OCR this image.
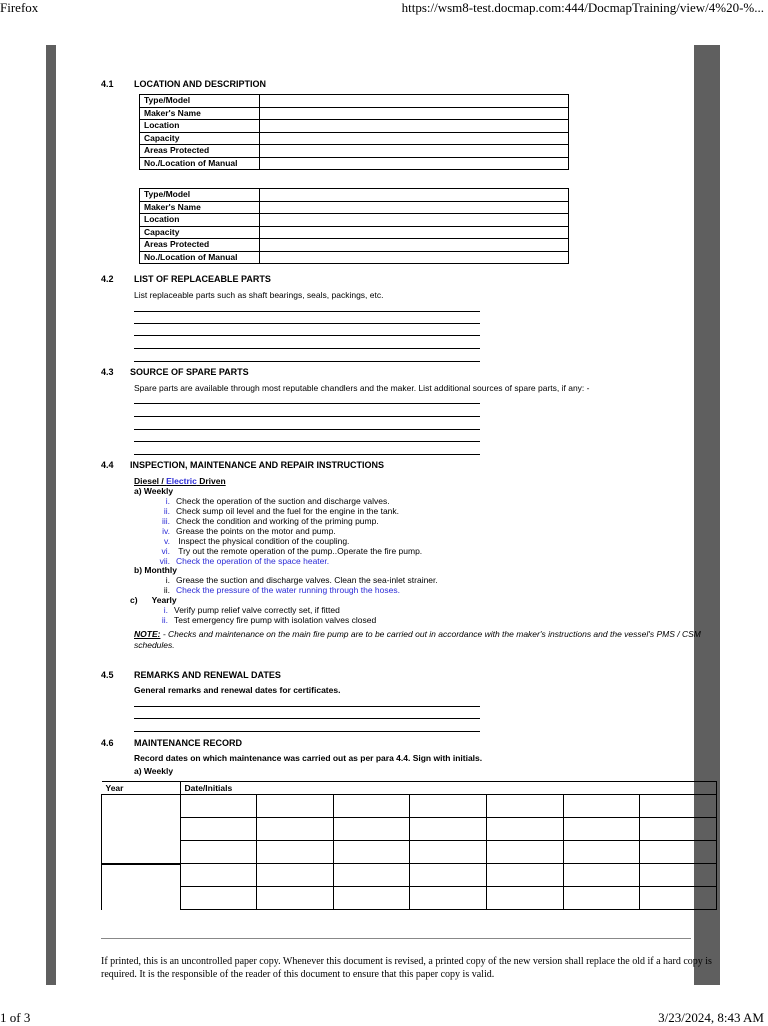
Firefox	https://wsm8-test.docmap.com:444/DocmapTraining/view/4%20-%...
4.1 LOCATION AND DESCRIPTION
Type/Model	
Maker's Name	
Location	
Capacity	
Areas Protected	
No./Location of Manual	
Type/Model	
Maker's Name	
Location	
Capacity	
Areas Protected	
No./Location of Manual	
4.2 LIST OF REPLACEABLE PARTS
List replaceable parts such as shaft bearings, seals, packings, etc.
4.3 SOURCE OF SPARE PARTS
Spare parts are available through most reputable chandlers and the maker. List additional sources of spare parts, if any: -
4.4 INSPECTION, MAINTENANCE AND REPAIR INSTRUCTIONS
Diesel / Electric Driven
a) Weekly
i. Check the operation of the suction and discharge valves.
ii. Check sump oil level and the fuel for the engine in the tank.
iii. Check the condition and working of the priming pump.
iv. Grease the points on the motor and pump.
v. Inspect the physical condition of the coupling.
vi. Try out the remote operation of the pump..Operate the fire pump.
vii. Check the operation of the space heater.
b) Monthly
i. Grease the suction and discharge valves. Clean the sea-inlet strainer.
ii. Check the pressure of the water running through the hoses.
c) Yearly
i. Verify pump relief valve correctly set, if fitted
ii. Test emergency fire pump with isolation valves closed
NOTE: - Checks and maintenance on the main fire pump are to be carried out in accordance with the maker's instructions and the vessel's PMS / CSM schedules.
4.5 REMARKS AND RENEWAL DATES
General remarks and renewal dates for certificates.
4.6 MAINTENANCE RECORD
Record dates on which maintenance was carried out as per para 4.4. Sign with initials.
a) Weekly
Year	Date/Initials						

If printed, this is an uncontrolled paper copy. Whenever this document is revised, a printed copy of the new version shall replace the old if a hard copy is required. It is the responsible of the reader of this document to ensure that this paper copy is valid.
1 of 3	3/23/2024, 8:43 AM
